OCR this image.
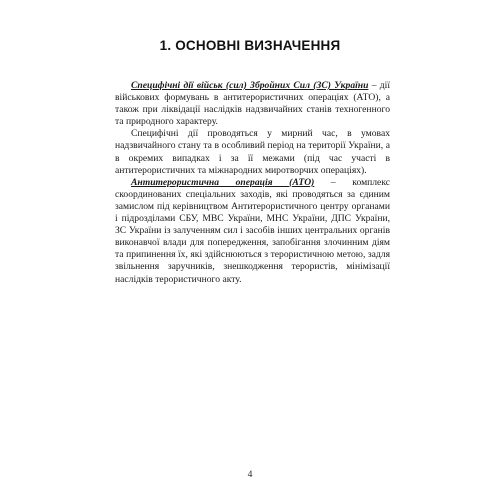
1. ОСНОВНІ ВИЗНАЧЕННЯ

Специфічні дії військ (сил) Збройних Сил (ЗС) України – дії військових формувань в антитерористичних операціях (АТО), а також при ліквідації наслідків надзвичайних станів техногенного та природного характеру.

Специфічні дії проводяться у мирний час, в умовах надзвичайного стану та в особливий період на території України, а в окремих випадках і за її межами (під час участі в антитерористичних та міжнародних миротворчих операціях).

Антитерористична операція (АТО) – комплекс скоординованих спеціальних заходів, які проводяться за єдиним замислом під керівництвом Антитерористичного центру органами і підрозділами СБУ, МВС України, МНС України, ДПС України, ЗС України із залученням сил і засобів інших центральних органів виконавчої влади для попередження, запобігання злочинним діям та припинення їх, які здійснюються з терористичною метою, задля звільнення заручників, знешкодження терористів, мінімізації наслідків терористичного акту.

4
